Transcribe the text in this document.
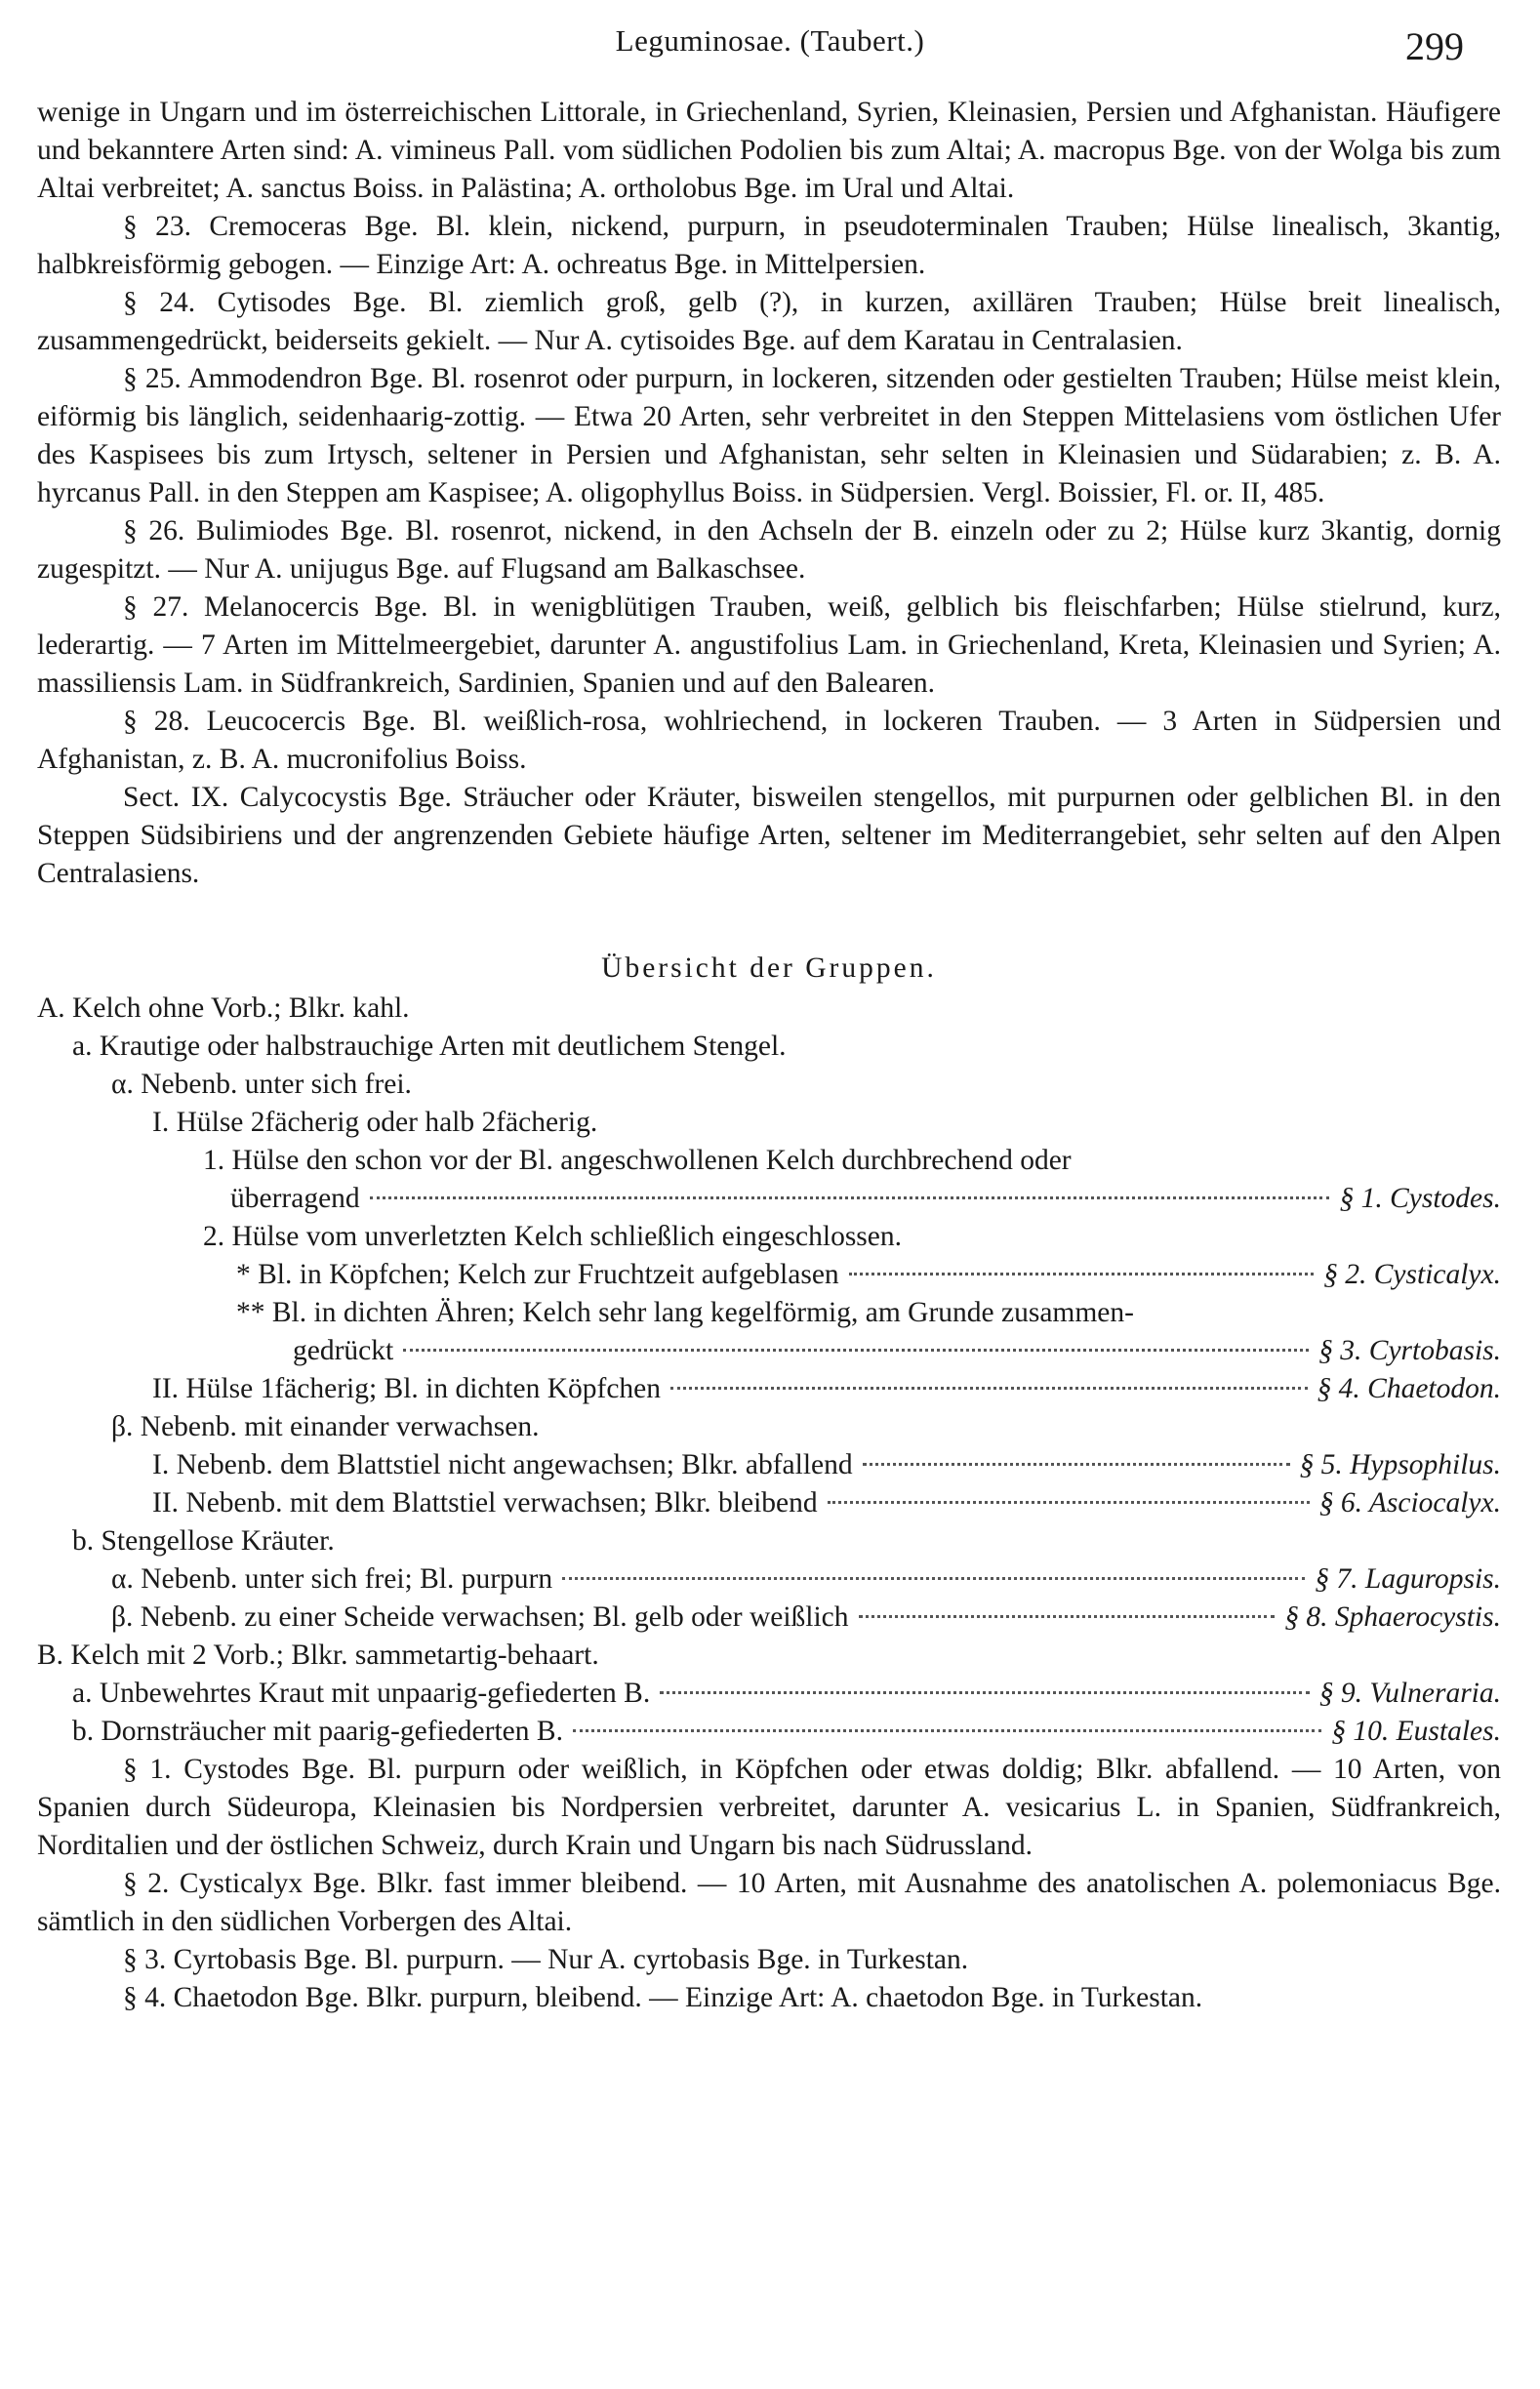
Leguminosae. (Taubert.)	299

wenige in Ungarn und im österreichischen Littorale, in Griechenland, Syrien, Kleinasien, Persien und Afghanistan. Häufigere und bekanntere Arten sind: A. vimineus Pall. vom südlichen Podolien bis zum Altai; A. macropus Bge. von der Wolga bis zum Altai verbreitet; A. sanctus Boiss. in Palästina; A. ortholobus Bge. im Ural und Altai.

§ 23. Cremoceras Bge. Bl. klein, nickend, purpurn, in pseudoterminalen Trauben; Hülse linealisch, 3kantig, halbkreisförmig gebogen. — Einzige Art: A. ochreatus Bge. in Mittelpersien.

§ 24. Cytisodes Bge. Bl. ziemlich groß, gelb (?), in kurzen, axillären Trauben; Hülse breit linealisch, zusammengedrückt, beiderseits gekielt. — Nur A. cytisoides Bge. auf dem Karatau in Centralasien.

§ 25. Ammodendron Bge. Bl. rosenrot oder purpurn, in lockeren, sitzenden oder gestielten Trauben; Hülse meist klein, eiförmig bis länglich, seidenhaarig-zottig. — Etwa 20 Arten, sehr verbreitet in den Steppen Mittelasiens vom östlichen Ufer des Kaspisees bis zum Irtysch, seltener in Persien und Afghanistan, sehr selten in Kleinasien und Südarabien; z. B. A. hyrcanus Pall. in den Steppen am Kaspisee; A. oligophyllus Boiss. in Südpersien. Vergl. Boissier, Fl. or. II, 485.

§ 26. Bulimiodes Bge. Bl. rosenrot, nickend, in den Achseln der B. einzeln oder zu 2; Hülse kurz 3kantig, dornig zugespitzt. — Nur A. unijugus Bge. auf Flugsand am Balkaschsee.

§ 27. Melanocercis Bge. Bl. in wenigblütigen Trauben, weiß, gelblich bis fleischfarben; Hülse stielrund, kurz, lederartig. — 7 Arten im Mittelmeergebiet, darunter A. angustifolius Lam. in Griechenland, Kreta, Kleinasien und Syrien; A. massiliensis Lam. in Südfrankreich, Sardinien, Spanien und auf den Balearen.

§ 28. Leucocercis Bge. Bl. weißlich-rosa, wohlriechend, in lockeren Trauben. — 3 Arten in Südpersien und Afghanistan, z. B. A. mucronifolius Boiss.

Sect. IX. Calycocystis Bge. Sträucher oder Kräuter, bisweilen stengellos, mit purpurnen oder gelblichen Bl. in den Steppen Südsibiriens und der angrenzenden Gebiete häufige Arten, seltener im Mediterrangebiet, sehr selten auf den Alpen Centralasiens.

Übersicht der Gruppen.
A. Kelch ohne Vorb.; Blkr. kahl.
a. Krautige oder halbstrauchige Arten mit deutlichem Stengel.
α. Nebenb. unter sich frei.
I. Hülse 2fächerig oder halb 2fächerig.
1. Hülse den schon vor der Bl. angeschwollenen Kelch durchbrechend oder
überragend	§ 1. Cystodes.
2. Hülse vom unverletzten Kelch schließlich eingeschlossen.
* Bl. in Köpfchen; Kelch zur Fruchtzeit aufgeblasen	§ 2. Cysticalyx.
** Bl. in dichten Ähren; Kelch sehr lang kegelförmig, am Grunde zusammen-
gedrückt	§ 3. Cyrtobasis.
II. Hülse 1fächerig; Bl. in dichten Köpfchen	§ 4. Chaetodon.
β. Nebenb. mit einander verwachsen.
I. Nebenb. dem Blattstiel nicht angewachsen; Blkr. abfallend	§ 5. Hypsophilus.
II. Nebenb. mit dem Blattstiel verwachsen; Blkr. bleibend	§ 6. Asciocalyx.
b. Stengellose Kräuter.
α. Nebenb. unter sich frei; Bl. purpurn	§ 7. Laguropsis.
β. Nebenb. zu einer Scheide verwachsen; Bl. gelb oder weißlich	§ 8. Sphaerocystis.
B. Kelch mit 2 Vorb.; Blkr. sammetartig-behaart.
a. Unbewehrtes Kraut mit unpaarig-gefiederten B.	§ 9. Vulneraria.
b. Dornsträucher mit paarig-gefiederten B.	§ 10. Eustales.

§ 1. Cystodes Bge. Bl. purpurn oder weißlich, in Köpfchen oder etwas doldig; Blkr. abfallend. — 10 Arten, von Spanien durch Südeuropa, Kleinasien bis Nordpersien verbreitet, darunter A. vesicarius L. in Spanien, Südfrankreich, Norditalien und der östlichen Schweiz, durch Krain und Ungarn bis nach Südrussland.

§ 2. Cysticalyx Bge. Blkr. fast immer bleibend. — 10 Arten, mit Ausnahme des anatolischen A. polemoniacus Bge. sämtlich in den südlichen Vorbergen des Altai.

§ 3. Cyrtobasis Bge. Bl. purpurn. — Nur A. cyrtobasis Bge. in Turkestan.

§ 4. Chaetodon Bge. Blkr. purpurn, bleibend. — Einzige Art: A. chaetodon Bge. in Turkestan.
